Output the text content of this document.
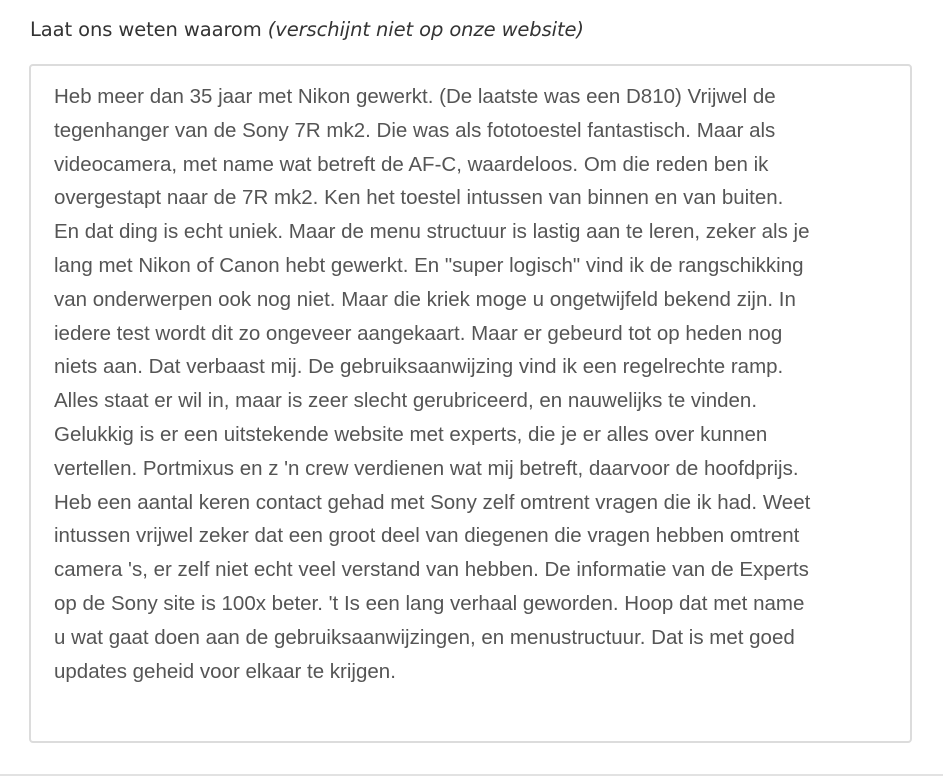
Laat ons weten waarom (verschijnt niet op onze website)
Heb meer dan 35 jaar met Nikon gewerkt. (De laatste was een D810) Vrijwel de
tegenhanger van de Sony 7R mk2. Die was als fototoestel fantastisch. Maar als
videocamera, met name wat betreft de AF-C, waardeloos. Om die reden ben ik
overgestapt naar de 7R mk2. Ken het toestel intussen van binnen en van buiten.
En dat ding is echt uniek. Maar de menu structuur is lastig aan te leren, zeker als je
lang met Nikon of Canon hebt gewerkt. En "super logisch" vind ik de rangschikking
van onderwerpen ook nog niet. Maar die kriek moge u ongetwijfeld bekend zijn. In
iedere test wordt dit zo ongeveer aangekaart. Maar er gebeurd tot op heden nog
niets aan. Dat verbaast mij. De gebruiksaanwijzing vind ik een regelrechte ramp.
Alles staat er wil in, maar is zeer slecht gerubriceerd, en nauwelijks te vinden.
Gelukkig is er een uitstekende website met experts, die je er alles over kunnen
vertellen. Portmixus en z 'n crew verdienen wat mij betreft, daarvoor de hoofdprijs.
Heb een aantal keren contact gehad met Sony zelf omtrent vragen die ik had. Weet
intussen vrijwel zeker dat een groot deel van diegenen die vragen hebben omtrent
camera 's, er zelf niet echt veel verstand van hebben. De informatie van de Experts
op de Sony site is 100x beter. 't Is een lang verhaal geworden. Hoop dat met name
u wat gaat doen aan de gebruiksaanwijzingen, en menustructuur. Dat is met goed
updates geheid voor elkaar te krijgen.
